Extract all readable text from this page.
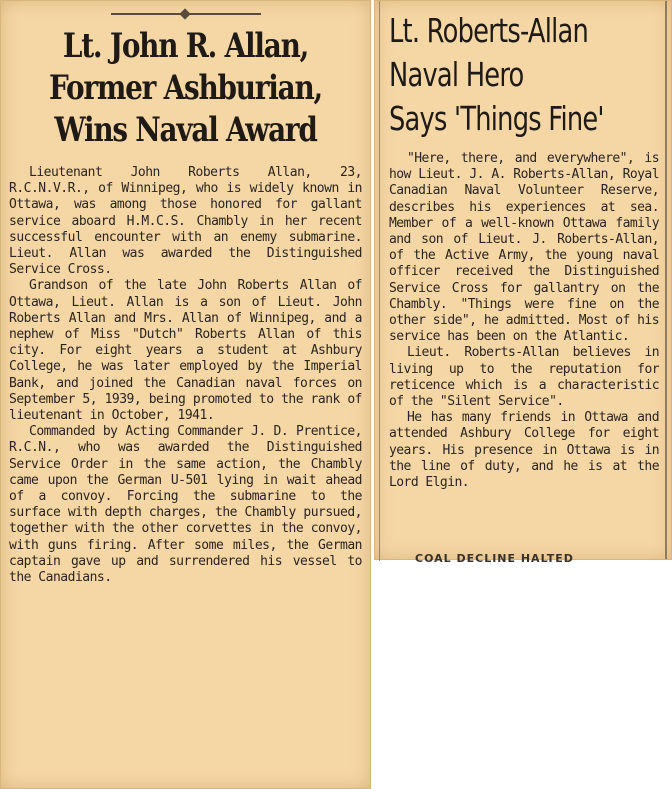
Lt. John R. Allan,
Former Ashburian,
Wins Naval Award

Lieutenant John Roberts Allan, 23, R.C.N.V.R., of Winnipeg, who is widely known in Ottawa, was among those honored for gallant service aboard H.M.C.S. Chambly in her recent successful encounter with an enemy submarine. Lieut. Allan was awarded the Distinguished Service Cross.

Grandson of the late John Roberts Allan of Ottawa, Lieut. Allan is a son of Lieut. John Roberts Allan and Mrs. Allan of Winnipeg, and a nephew of Miss "Dutch" Roberts Allan of this city. For eight years a student at Ashbury College, he was later employed by the Imperial Bank, and joined the Canadian naval forces on September 5, 1939, being promoted to the rank of lieutenant in October, 1941.

Commanded by Acting Commander J. D. Prentice, R.C.N., who was awarded the Distinguished Service Order in the same action, the Chambly came upon the German U-501 lying in wait ahead of a convoy. Forcing the submarine to the surface with depth charges, the Chambly pursued, together with the other corvettes in the convoy, with guns firing. After some miles, the German captain gave up and surrendered his vessel to the Canadians.

Lt. Roberts-Allan
Naval Hero
Says 'Things Fine'

"Here, there, and everywhere", is how Lieut. J. A. Roberts-Allan, Royal Canadian Naval Volunteer Reserve, describes his experiences at sea. Member of a well-known Ottawa family and son of Lieut. J. Roberts-Allan, of the Active Army, the young naval officer received the Distinguished Service Cross for gallantry on the Chambly. "Things were fine on the other side", he admitted. Most of his service has been on the Atlantic.

Lieut. Roberts-Allan believes in living up to the reputation for reticence which is a characteristic of the "Silent Service".

He has many friends in Ottawa and attended Ashbury College for eight years. His presence in Ottawa is in the line of duty, and he is at the Lord Elgin.

COAL DECLINE HALTED
